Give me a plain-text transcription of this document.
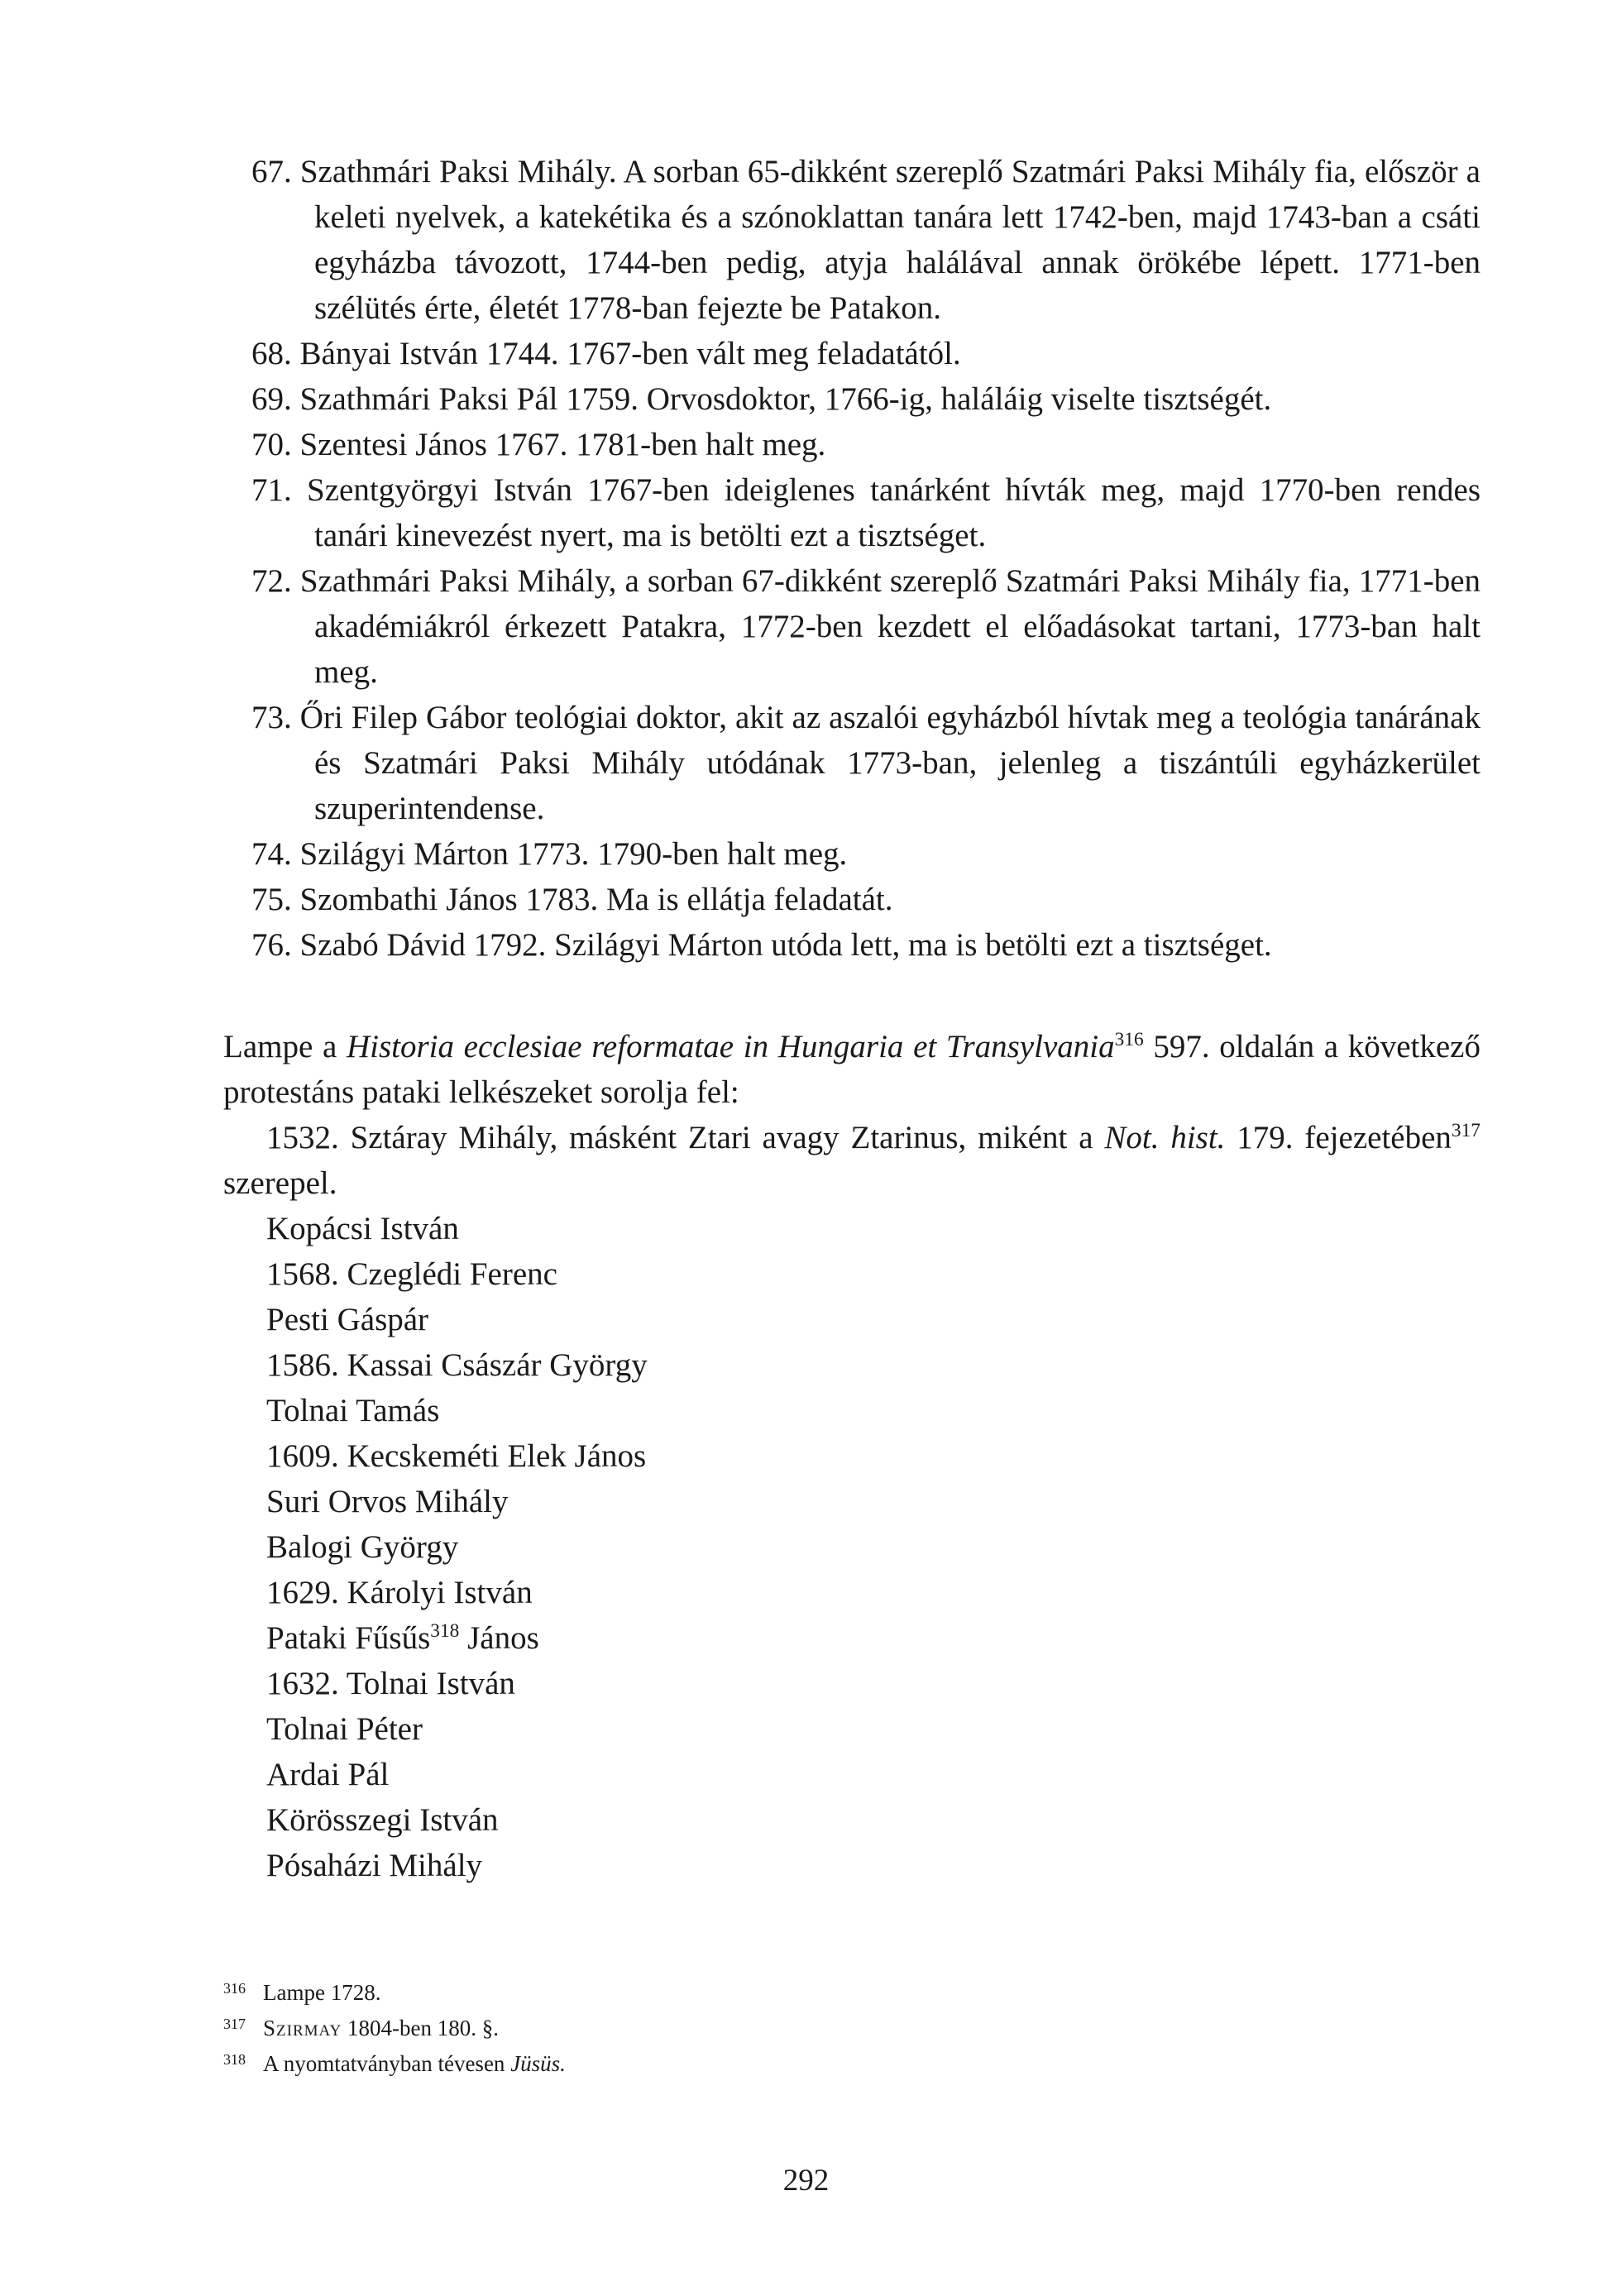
67. Szathmári Paksi Mihály. A sorban 65-dikként szereplő Szatmári Paksi Mihály fia, először a keleti nyelvek, a katekétika és a szónoklattan tanára lett 1742-ben, majd 1743-ban a csáti egyházba távozott, 1744-ben pedig, atyja halálával annak örökébe lépett. 1771-ben szélütés érte, életét 1778-ban fejezte be Patakon.
68. Bányai István 1744. 1767-ben vált meg feladatától.
69. Szathmári Paksi Pál 1759. Orvosdoktor, 1766-ig, haláláig viselte tisztségét.
70. Szentesi János 1767. 1781-ben halt meg.
71. Szentgyörgyi István 1767-ben ideiglenes tanárként hívták meg, majd 1770-ben rendes tanári kinevezést nyert, ma is betölti ezt a tisztséget.
72. Szathmári Paksi Mihály, a sorban 67-dikként szereplő Szatmári Paksi Mihály fia, 1771-ben akadémiákról érkezett Patakra, 1772-ben kezdett el előadásokat tartani, 1773-ban halt meg.
73. Őri Filep Gábor teológiai doktor, akit az aszalói egyházból hívtak meg a teológia tanárának és Szatmári Paksi Mihály utódának 1773-ban, jelenleg a tiszántúli egyházkerület szuperintendense.
74. Szilágyi Márton 1773. 1790-ben halt meg.
75. Szombathi János 1783. Ma is ellátja feladatát.
76. Szabó Dávid 1792. Szilágyi Márton utóda lett, ma is betölti ezt a tisztséget.
Lampe a Historia ecclesiae reformatae in Hungaria et Transylvania$^{316}$ 597. oldalán a következő protestáns pataki lelkészeket sorolja fel:
1532. Sztáray Mihály, másként Ztari avagy Ztarinus, miként a Not. hist. 179. fejezetében$^{317}$ szerepel.
Kopácsi István
1568. Czeglédi Ferenc
Pesti Gáspár
1586. Kassai Császár György
Tolnai Tamás
1609. Kecskeméti Elek János
Suri Orvos Mihály
Balogi György
1629. Károlyi István
Pataki Fűsűs$^{318}$ János
1632. Tolnai István
Tolnai Péter
Ardai Pál
Körösszegi István
Pósaházi Mihály
316 Lampe 1728.
317 Szirmay 1804-ben 180. §.
318 A nyomtatványban tévesen Jüsüs.
292
